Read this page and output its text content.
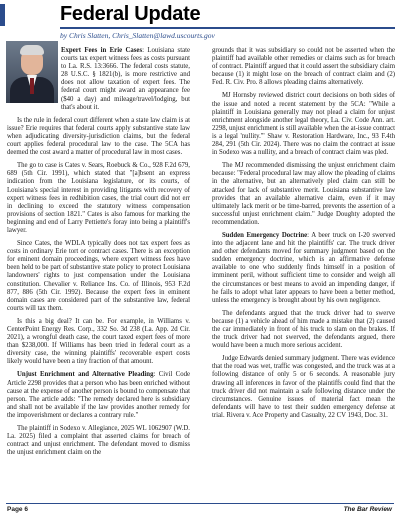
Federal Update
by Chris Slatten, Chris_Slatten@lawd.uscourts.gov

Expert Fees in Erie Cases: Louisiana state courts tax expert witness fees as costs pursuant to La. R.S. 13:3666. The federal costs statute, 28 U.S.C. § 1821(b), is more restrictive and does not allow taxation of expert fees. The federal court might award an appearance fee ($40 a day) and mileage/travel/lodging, but that's about it.

Is the rule in federal court different when a state law claim is at issue? Erie requires that federal courts apply substantive state law when adjudicating diversity-jurisdiction claims, but the federal court applies federal procedural law to the case. The 5CA has deemed the cost award a matter of procedural law in most cases.

The go to case is Cates v. Sears, Roebuck & Co., 928 F.2d 679, 689 (5th Cir. 1991), which stated that "[a]bsent an express indication from the Louisiana legislature, or its courts, of Louisiana's special interest in providing litigants with recovery of expert witness fees in redhibition cases, the trial court did not err in declining to exceed the statutory witness compensation provisions of section 1821." Cates is also famous for marking the beginning and end of Larry Pettiette's foray into being a plaintiff's lawyer.

Since Cates, the WDLA typically does not tax expert fees as costs in ordinary Erie tort or contract cases. There is an exception for eminent domain proceedings, where expert witness fees have been held to be part of substantive state policy to protect Louisiana landowners' rights to just compensation under the Louisiana constitution. Chevalier v. Reliance Ins. Co. of Illinois, 953 F.2d 877, 886 (5th Cir. 1992). Because the expert fees in eminent domain cases are considered part of the substantive law, federal courts will tax them.

Is this a big deal? It can be. For example, in Williams v. CenterPoint Energy Res. Corp., 332 So. 3d 238 (La. App. 2d Cir. 2021), a wrongful death case, the court taxed expert fees of more than $238,000. If Williams has been tried in federal court as a diversity case, the winning plaintiffs' recoverable expert costs likely would have been a tiny fraction of that amount.

Unjust Enrichment and Alternative Pleading: Civil Code Article 2298 provides that a person who has been enriched without cause at the expense of another person is bound to compensate that person. The article adds: "The remedy declared here is subsidiary and shall not be available if the law provides another remedy for the impoverishment or declares a contrary rule."

The plaintiff in Sodexo v. Allegiance, 2025 WL 1062907 (W.D. La. 2025) filed a complaint that asserted claims for breach of contract and unjust enrichment. The defendant moved to dismiss the unjust enrichment claim on the

grounds that it was subsidiary so could not be asserted when the plaintiff had available other remedies or claims such as for breach of contract. Plaintiff argued that it could assert the subsidiary claim because (1) it might lose on the breach of contract claim and (2) Fed. R. Civ. Pro. 8 allows pleading claims alternatively.

MJ Hornsby reviewed district court decisions on both sides of the issue and noted a recent statement by the 5CA: "While a plaintiff in Louisiana generally may not plead a claim for unjust enrichment alongside another legal theory, La. Civ. Code Ann. art. 2298, unjust enrichment is still available when the at-issue contract is a legal 'nullity.'" Shaw v. Restoration Hardware, Inc., 93 F.4th 284, 291 (5th Cir. 2024). There was no claim the contract at issue in Sodexo was a nullity, and a breach of contract claim was pled.

The MJ recommended dismissing the unjust enrichment claim because: "Federal procedural law may allow the pleading of claims in the alternative, but an alternatively pled claim can still be attacked for lack of substantive merit. Louisiana substantive law provides that an available alternative claim, even if it may ultimately lack merit or be time-barred, prevents the assertion of a successful unjust enrichment claim." Judge Doughty adopted the recommendation.

Sudden Emergency Doctrine: A beer truck on I-20 swerved into the adjacent lane and hit the plaintiffs' car. The truck driver and other defendants moved for summary judgment based on the sudden emergency doctrine, which is an affirmative defense available to one who suddenly finds himself in a position of imminent peril, without sufficient time to consider and weigh all the circumstances or best means to avoid an impending danger, if he fails to adopt what later appears to have been a better method, unless the emergency is brought about by his own negligence.

The defendants argued that the truck driver had to swerve because (1) a vehicle ahead of him made a mistake that (2) caused the car immediately in front of his truck to slam on the brakes. If the truck driver had not swerved, the defendants argued, there would have been a much more serious accident.

Judge Edwards denied summary judgment. There was evidence that the road was wet, traffic was congested, and the truck was at a following distance of only 5 or 6 seconds. A reasonable jury drawing all inferences in favor of the plaintiffs could find that the truck driver did not maintain a safe following distance under the circumstances. Genuine issues of material fact mean the defendants will have to test their sudden emergency defense at trial. Rivera v. Ace Property and Casualty, 22 CV 1943, Doc. 31.

Page 6	The Bar Review
